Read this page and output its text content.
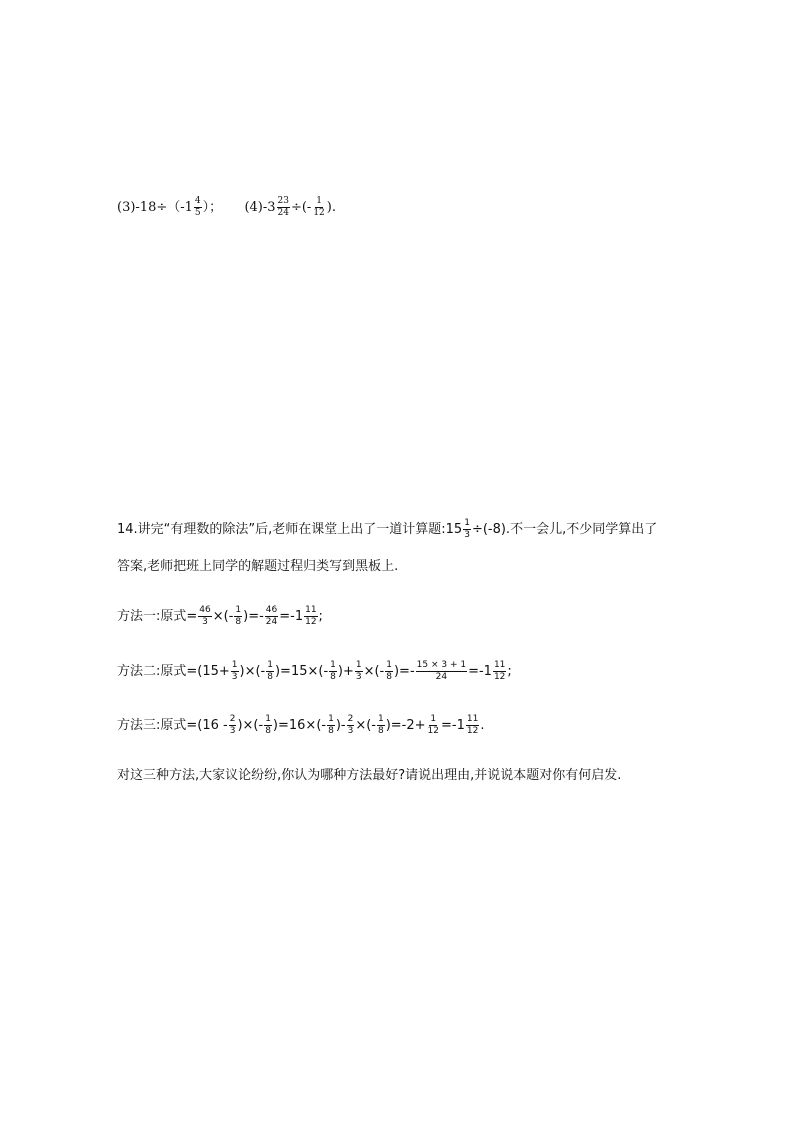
$(3)-18\div(-1 \frac{4}{5}$ ）； $(4)-3 \frac{23}{24}$ ÷(- $\frac{1}{12}$ ).
14.讲完“有理数的除法”后,老师在课堂上出了一道计算题:15 $\frac{1}{3} \div(-8)$.不一会儿,不少同学算出了
答案,老师把班上同学的解题过程归类写到黑板上.
方法一:原式= $\frac{46}{3}$ ×(- $\frac{1}{8}$ )=- $\frac{46}{24} =-1 \frac{11}{12}$ ;
方法二:原式$=(15+ \frac{1}{3}$ )×(- $\frac{1}{8} )=15\times(- \frac{1}{8}$ )+ $\frac{1}{3}$ ×(- $\frac{1}{8}$ )=- $\frac{15 \times 3 + 1}{24} =-1 \frac{11}{12}$ ;
方法三:原式$=(16 - \frac{2}{3}$ )×(- $\frac{1}{8} )=16\times(- \frac{1}{8}$ )- $\frac{2}{3}$ ×(- $\frac{1}{8} )=-2+ \frac{1}{12} =-1 \frac{11}{12}$ .
对这三种方法,大家议论纷纷,你认为哪种方法最好?请说出理由,并说说本题对你有何启发.
